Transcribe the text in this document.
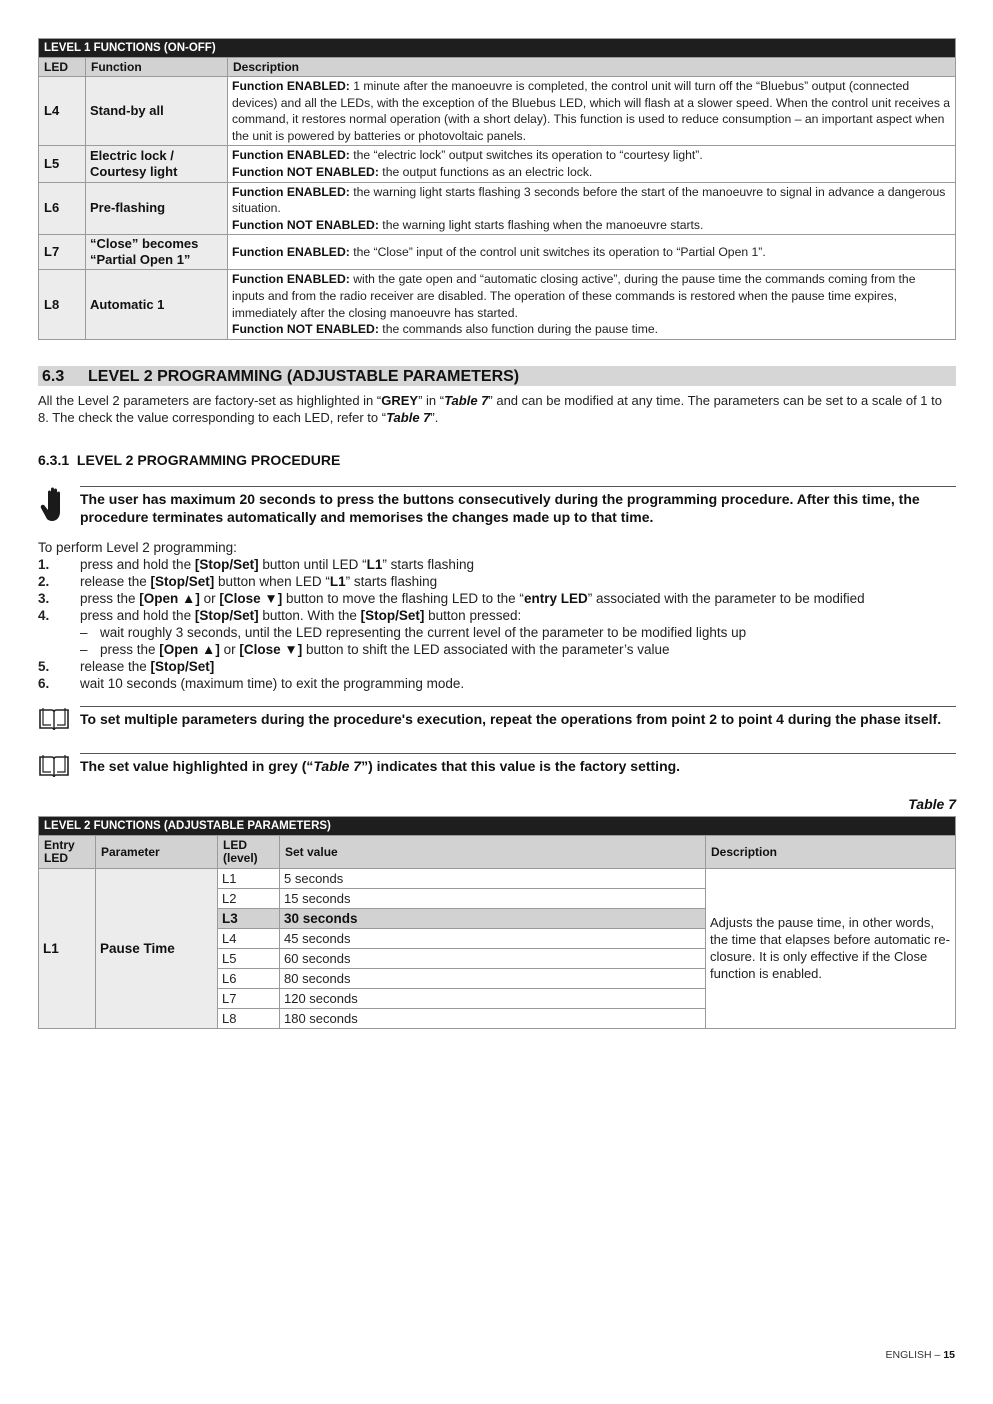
LEVEL 1 FUNCTIONS (ON-OFF)		
LED	Function	Description
L4	Stand-by all	Function ENABLED: 1 minute after the manoeuvre is completed, the control unit will turn off the “Bluebus” output (connected devices) and all the LEDs, with the exception of the Bluebus LED, which will flash at a slower speed. When the control unit receives a command, it restores normal operation (with a short delay). This function is used to reduce consumption – an important aspect when the unit is powered by batteries or photovoltaic panels.
L5	Electric lock / Courtesy light	Function ENABLED: the “electric lock” output switches its operation to “courtesy light”.
Function NOT ENABLED: the output functions as an electric lock.
L6	Pre-flashing	Function ENABLED: the warning light starts flashing 3 seconds before the start of the manoeuvre to signal in advance a dangerous situation.
Function NOT ENABLED: the warning light starts flashing when the manoeuvre starts.
L7	“Close” becomes “Partial Open 1”	Function ENABLED: the “Close” input of the control unit switches its operation to “Partial Open 1”.
L8	Automatic 1	Function ENABLED: with the gate open and “automatic closing active”, during the pause time the commands coming from the inputs and from the radio receiver are disabled. The operation of these commands is restored when the pause time expires, immediately after the closing manoeuvre has started.
Function NOT ENABLED: the commands also function during the pause time.
6.3 LEVEL 2 PROGRAMMING (ADJUSTABLE PARAMETERS)
All the Level 2 parameters are factory-set as highlighted in “GREY” in “Table 7” and can be modified at any time. The parameters can be set to a scale of 1 to 8. The check the value corresponding to each LED, refer to “Table 7”.
6.3.1 LEVEL 2 PROGRAMMING PROCEDURE
The user has maximum 20 seconds to press the buttons consecutively during the programming procedure. After this time, the procedure terminates automatically and memorises the changes made up to that time.
To perform Level 2 programming:
1.	press and hold the [Stop/Set] button until LED “L1” starts flashing
2.	release the [Stop/Set] button when LED “L1” starts flashing
3.	press the [Open ▲] or [Close ▼] button to move the flashing LED to the “entry LED” associated with the parameter to be modified
4.	press and hold the [Stop/Set] button. With the [Stop/Set] button pressed:
– wait roughly 3 seconds, until the LED representing the current level of the parameter to be modified lights up
– press the [Open ▲] or [Close ▼] button to shift the LED associated with the parameter’s value
5.	release the [Stop/Set]
6.	wait 10 seconds (maximum time) to exit the programming mode.
To set multiple parameters during the procedure's execution, repeat the operations from point 2 to point 4 during the phase itself.
The set value highlighted in grey (“Table 7”) indicates that this value is the factory setting.
Table 7
LEVEL 2 FUNCTIONS (ADJUSTABLE PARAMETERS)				
Entry LED	Parameter	LED (level)	Set value	Description
L1	Pause Time	L1	5 seconds	Adjusts the pause time, in other words, the time that elapses before automatic re-closure. It is only effective if the Close function is enabled.
		L2	15 seconds	
		L3	30 seconds	
		L4	45 seconds	
		L5	60 seconds	
		L6	80 seconds	
		L7	120 seconds	
		L8	180 seconds	
ENGLISH – 15
